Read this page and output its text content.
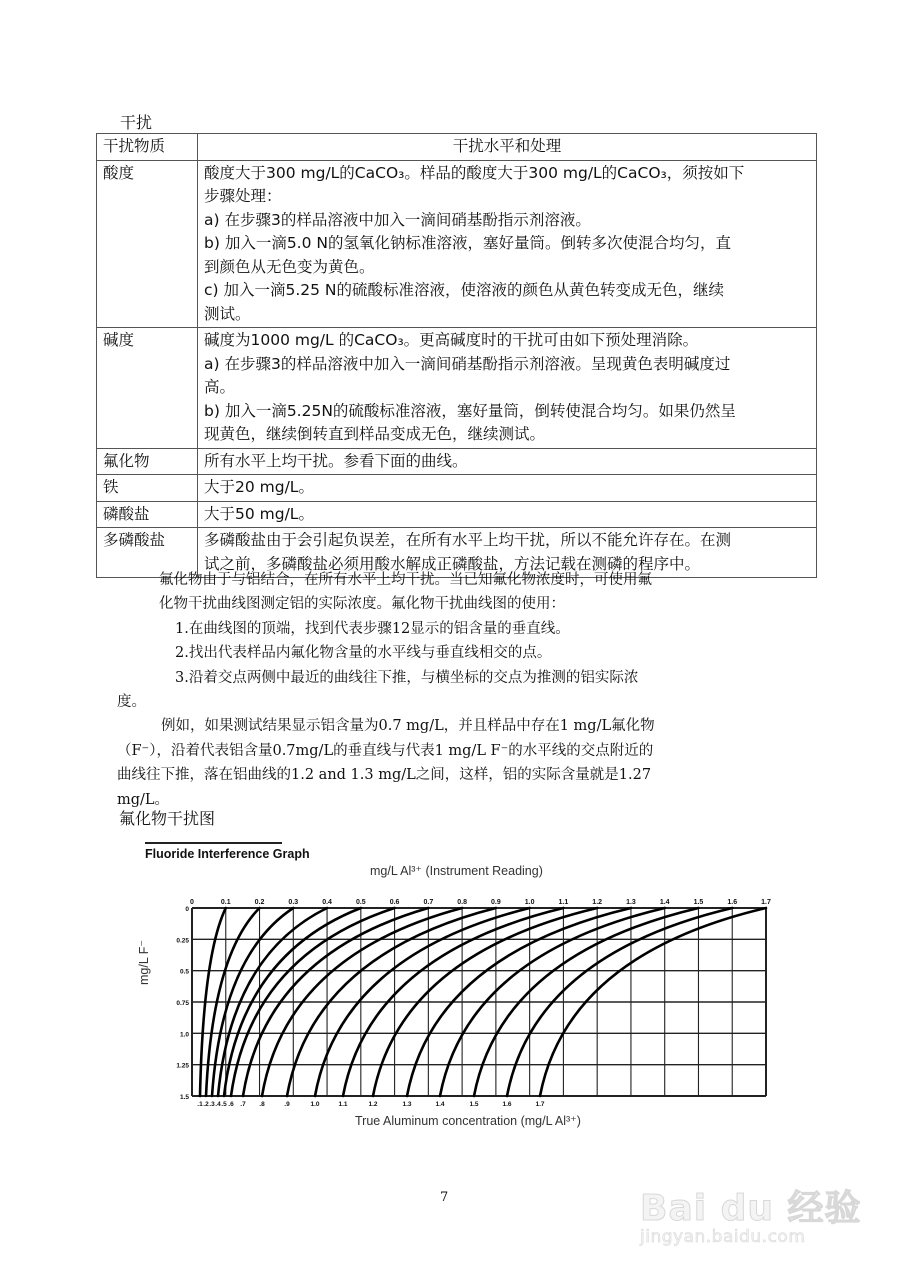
干扰
干扰物质	干扰水平和处理
酸度	酸度大于300 mg/L的CaCO₃。样品的酸度大于300 mg/L的CaCO₃，须按如下
步骤处理：
a) 在步骤3的样品溶液中加入一滴间硝基酚指示剂溶液。
b) 加入一滴5.0 N的氢氧化钠标准溶液，塞好量筒。倒转多次使混合均匀，直
到颜色从无色变为黄色。
c) 加入一滴5.25 N的硫酸标准溶液，使溶液的颜色从黄色转变成无色，继续
测试。

碱度	碱度为1000 mg/L 的CaCO₃。更高碱度时的干扰可由如下预处理消除。
a) 在步骤3的样品溶液中加入一滴间硝基酚指示剂溶液。呈现黄色表明碱度过
高。
b) 加入一滴5.25N的硫酸标准溶液，塞好量筒，倒转使混合均匀。如果仍然呈
现黄色，继续倒转直到样品变成无色，继续测试。

氟化物	所有水平上均干扰。参看下面的曲线。

铁	大于20 mg/L。

磷酸盐	大于50 mg/L。

多磷酸盐	多磷酸盐由于会引起负误差，在所有水平上均干扰，所以不能允许存在。在测
试之前，多磷酸盐必须用酸水解成正磷酸盐，方法记载在测磷的程序中。

氟化物由于与铝结合，在所有水平上均干扰。当已知氟化物浓度时，可使用氟

化物干扰曲线图测定铝的实际浓度。氟化物干扰曲线图的使用：

1.在曲线图的顶端，找到代表步骤12显示的铝含量的垂直线。

2.找出代表样品内氟化物含量的水平线与垂直线相交的点。

3.沿着交点两侧中最近的曲线往下推，与横坐标的交点为推测的铝实际浓

度。

例如，如果测试结果显示铝含量为0.7 mg/L，并且样品中存在1 mg/L氟化物

（F⁻），沿着代表铝含量0.7mg/L的垂直线与代表1 mg/L F⁻的水平线的交点附近的

曲线往下推，落在铝曲线的1.2 and 1.3 mg/L之间，这样，铝的实际含量就是1.27

mg/L。

氟化物干扰图
Fluoride Interference Graph
mg/L Al³⁺ (Instrument Reading)
mg/L F⁻
True Aluminum concentration (mg/L Al³⁺)
0	0.1	0.2	0.3	0.4	0.5	0.6	0.7	0.8	0.9	1.0	1.1	1.2	1.3	1.4	1.5	1.6	1.7
0
0.25
0.5
0.75
1.0
1.25
1.5
.1 .2 .3 .4 .5 .6 .7 .8	.9	1.0	1.1	1.2	1.3	1.4	1.5	1.6	1.7
7	Bai du 经验
jingyan.baidu.com
